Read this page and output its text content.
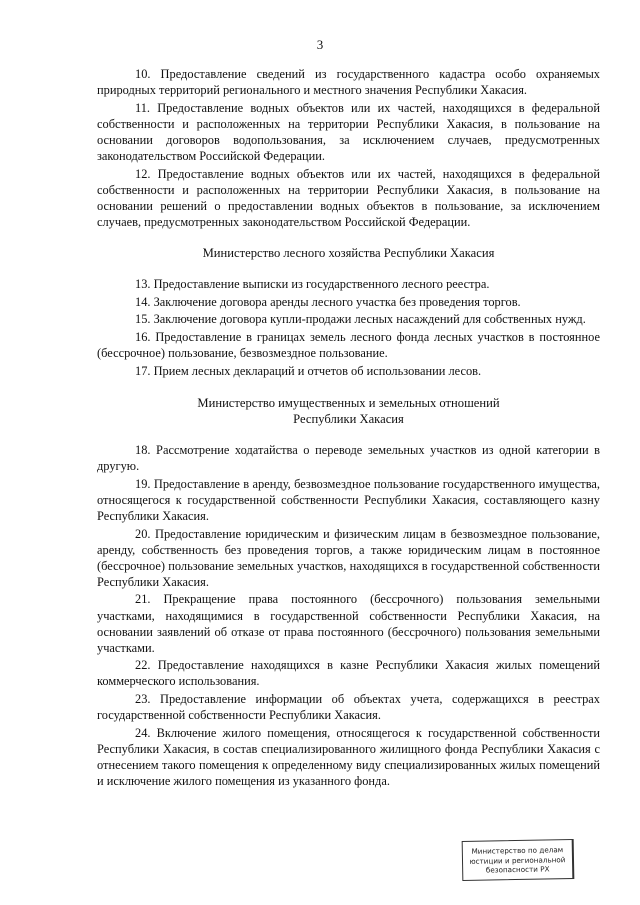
3

10. Предоставление сведений из государственного кадастра особо охраняемых природных территорий регионального и местного значения Республики Хакасия.

11. Предоставление водных объектов или их частей, находящихся в федеральной собственности и расположенных на территории Республики Хакасия, в пользование на основании договоров водопользования, за исключением случаев, предусмотренных законодательством Российской Федерации.

12. Предоставление водных объектов или их частей, находящихся в федеральной собственности и расположенных на территории Республики Хакасия, в пользование на основании решений о предоставлении водных объектов в пользование, за исключением случаев, предусмотренных законодательством Российской Федерации.

Министерство лесного хозяйства Республики Хакасия

13. Предоставление выписки из государственного лесного реестра.

14. Заключение договора аренды лесного участка без проведения торгов.

15. Заключение договора купли-продажи лесных насаждений для собственных нужд.

16. Предоставление в границах земель лесного фонда лесных участков в постоянное (бессрочное) пользование, безвозмездное пользование.

17. Прием лесных деклараций и отчетов об использовании лесов.

Министерство имущественных и земельных отношений
Республики Хакасия

18. Рассмотрение ходатайства о переводе земельных участков из одной категории в другую.

19. Предоставление в аренду, безвозмездное пользование государственного имущества, относящегося к государственной собственности Республики Хакасия, составляющего казну Республики Хакасия.

20. Предоставление юридическим и физическим лицам в безвозмездное пользование, аренду, собственность без проведения торгов, а также юридическим лицам в постоянное (бессрочное) пользование земельных участков, находящихся в государственной собственности Республики Хакасия.

21. Прекращение права постоянного (бессрочного) пользования земельными участками, находящимися в государственной собственности Республики Хакасия, на основании заявлений об отказе от права постоянного (бессрочного) пользования земельными участками.

22. Предоставление находящихся в казне Республики Хакасия жилых помещений коммерческого использования.

23. Предоставление информации об объектах учета, содержащихся в реестрах государственной собственности Республики Хакасия.

24. Включение жилого помещения, относящегося к государственной собственности Республики Хакасия, в состав специализированного жилищного фонда Республики Хакасия с отнесением такого помещения к определенному виду специализированных жилых помещений и исключение жилого помещения из указанного фонда.

Министерство по делам
юстиции и региональной
безопасности РХ
